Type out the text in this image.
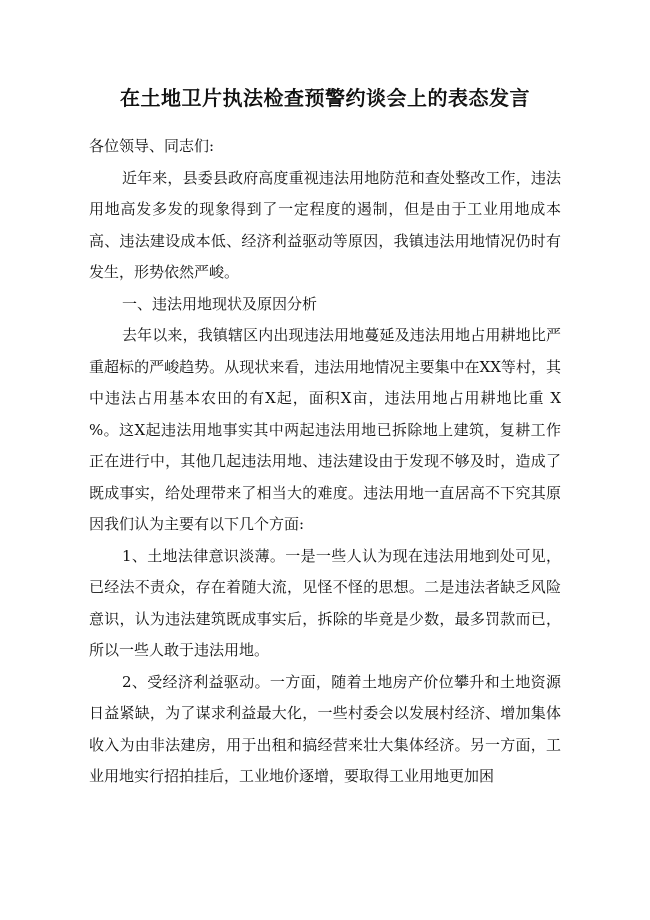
在土地卫片执法检查预警约谈会上的表态发言

各位领导、同志们:

近年来，县委县政府高度重视违法用地防范和查处整改工作，违法用地高发多发的现象得到了一定程度的遏制，但是由于工业用地成本高、违法建设成本低、经济利益驱动等原因，我镇违法用地情况仍时有发生，形势依然严峻。

一、违法用地现状及原因分析

去年以来，我镇辖区内出现违法用地蔓延及违法用地占用耕地比严重超标的严峻趋势。从现状来看，违法用地情况主要集中在XX等村，其中违法占用基本农田的有X起，面积X亩，违法用地占用耕地比重 X %。这X起违法用地事实其中两起违法用地已拆除地上建筑，复耕工作正在进行中，其他几起违法用地、违法建设由于发现不够及时，造成了既成事实，给处理带来了相当大的难度。违法用地一直居高不下究其原因我们认为主要有以下几个方面:

1、土地法律意识淡薄。一是一些人认为现在违法用地到处可见，已经法不责众，存在着随大流，见怪不怪的思想。二是违法者缺乏风险意识，认为违法建筑既成事实后，拆除的毕竟是少数，最多罚款而已，所以一些人敢于违法用地。

2、受经济利益驱动。一方面，随着土地房产价位攀升和土地资源日益紧缺，为了谋求利益最大化，一些村委会以发展村经济、增加集体收入为由非法建房，用于出租和搞经营来壮大集体经济。另一方面，工业用地实行招拍挂后，工业地价逐增，要取得工业用地更加困
